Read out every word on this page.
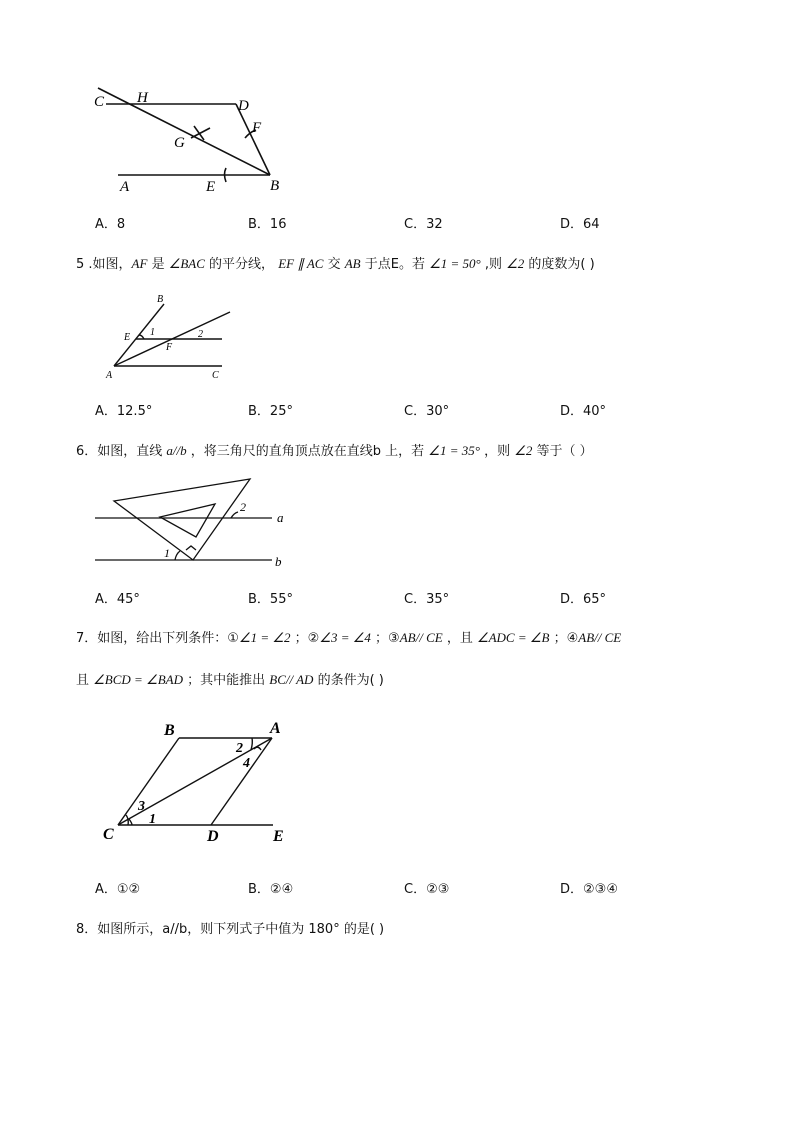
C H	D
F
G
A	E	B
A．8	B．16	C．32	D．64
5 .如图，AF 是 ∠BAC 的平分线， EF ∥ AC 交 AB 于点E。若 ∠1 = 50° ,则 ∠2 的度数为( )
B
E 1	2
F
A	C
A．12.5°	B．25°	C．30°	D．40°
6．如图，直线 a//b ，将三角尺的直角顶点放在直线b 上，若 ∠1 = 35° ，则 ∠2 等于（ ）
a
b
1
2
A．45°	B．55°	C．35°	D．65°
7．如图，给出下列条件：①∠1 = ∠2 ；②∠3 = ∠4 ；③AB// CE ，且 ∠ADC = ∠B ；④AB// CE
且 ∠BCD = ∠BAD ；其中能推出 BC// AD 的条件为( )
B	A
2
4
3
1
C	D	E
A．①②	B．②④	C．②③	D．②③④
8．如图所示，a//b，则下列式子中值为 180° 的是( )
